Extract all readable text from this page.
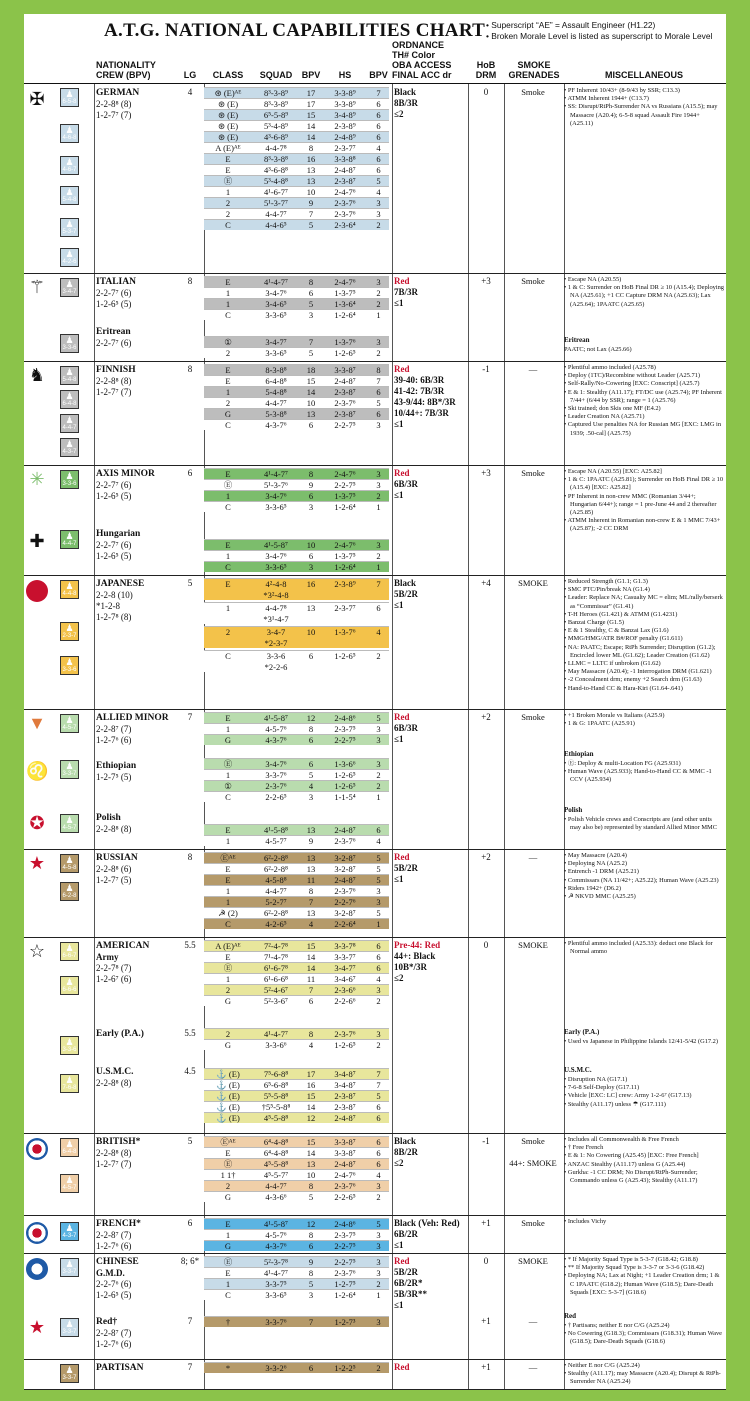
A.T.G. NATIONAL CAPABILITIES CHART • Superscript “AE” = Assault Engineer (H1.22)
• Broken Morale Level is listed as superscript to Morale Level
NATIONALITY
CREW (BPV)	LG	CLASS	SQUAD	BPV	HS	BPV
ORDNANCE
TH# Color
OBA ACCESS
FINAL ACC dr
HoB
DRM
SMOKE
GRENADES	MISCELLANEOUS
✠	♟
6-5-8
♟
4-6-8
♟
4-6-7
♟
5-4-8
♟
5-3-7
♟
4-2-6
GERMAN
2-2-8⁸ (8)
1-2-7⁷ (7)
4	0	Smoke
⊛ (E)ᴬᴱ	8³-3-8⁹	17	3-3-8⁹	7
⊛ (E)	8³-3-8⁹	17	3-3-8⁹	6
⊛ (E)	6⁵-5-8⁹	15	3-4-8⁹	6
⊛ (E)	5³-4-8⁹	14	2-3-8⁹	6
⊛ (E)	4³-6-8⁹	14	2-4-8⁹	6
A (E)ᴬᴱ	4-4-7⁸	8	2-3-7⁷	4
E	8³-3-8⁸	16	3-3-8⁸	6
E	4³-6-8⁸	13	2-4-8⁷	6
Ⓔ	5³-4-8⁸	13	2-3-8⁷	5
1	4¹-6-7⁷	10	2-4-7⁶	4
2	5¹-3-7⁷	9	2-3-7⁶	3
2	4-4-7⁷	7	2-3-7⁶	3
C	4-4-6⁵	5	2-3-6⁴	2
Black
8B/3R
≤2
• PF Inherent 10/43+ (8-9/43 by SSR; C13.3)
• ATMM Inherent 1944+ (C13.7)
• SS: Disrupt/RtPh-Surrender NA vs Russians (A15.5); may Massacre (A20.4); 6-5-8 squad Assault Fire 1944+ (A25.11)
⚚	♟
3-4-7
♟
3-3-6
ITALIAN
2-2-7⁷ (6)
1-2-6⁵ (5)
8	+3	Smoke
E	4¹-4-7⁷	8	2-4-7⁶	3
1	3-4-7⁶	6	1-3-7⁵	2
1	3-4-6⁵	5	1-3-6⁴	2
C	3-3-6⁵	3	1-2-6⁴	1
Red
7B/3R
≤1
• Escape NA (A20.55)
• 1 & C: Surrender on HoB Final DR ≥ 10 (A15.4); Deploying NA (A25.61); +1 CC Capture DRM NA (A25.63); Lax (A25.64); 1PAATC (A25.65)
Eritrean
2-2-7⁷ (6)	①	3-4-7⁷	7	1-3-7⁶	3
2	3-3-6⁵	5	1-2-6⁵	2
Eritrean
PAATC; not Lax (A25.66)
♞	♟
5-4-8
♟
6-4-8
♟
4-4-7
♟
4-3-7
FINNISH
2-2-8⁸ (8)
1-2-7⁷ (7)
8	-1	—
E	8-3-8⁸	18	3-3-8⁷	8
E	6-4-8⁸	15	2-4-8⁷	7
1	5-4-8⁸	14	2-3-8⁷	6
2	4-4-7⁷	10	2-3-7⁶	5
G	5-3-8⁸	13	2-3-8⁷	6
C	4-3-7⁶	6	2-2-7⁵	3
Red
39-40: 6B/3R
41-42: 7B/3R
43-9/44: 8B*/3R
10/44+: 7B/3R
≤1
• Plentiful ammo included (A25.78)
• Deploy (1TC)/Recombine without Leader (A25.71)
• Self-Rally/No-Cowering [EXC: Conscript] (A25.7)
• E & 1: Stealthy (A11.17); FT/DC use (A25.74); PF Inherent 7/44+ (6/44 by SSR); range = 1 (A25.76)
• Ski trained; don Skis one MF (E4.2)
• Leader Creation NA (A25.71)
• Captured Use penalties NA for Russian MG [EXC: LMG in 1939; .50-cal] (A25.75)
✳
✚
♟
3-3-6
♟
4-4-7
AXIS MINOR
2-2-7⁷ (6)
1-2-6⁵ (5)
6	+3	Smoke
E	4¹-4-7⁷	8	2-4-7⁶	3
Ⓔ	5¹-3-7⁶	9	2-2-7⁵	3
1	3-4-7⁶	6	1-3-7⁵	2
C	3-3-6⁵	3	1-2-6⁴	1
Red
6B/3R
≤1
• Escape NA (A20.55) [EXC: A25.82]
• 1 & C: 1PAATC (A25.81); Surrender on HoB Final DR ≥ 10 (A15.4) [EXC: A25.82]
• PF Inherent in non-crew MMC (Romanian 3/44+; Hungarian 6/44+); range = 1 pre-June 44 and 2 thereafter (A25.85)
• ATMM Inherent in Romanian non-crew E & 1 MMC 7/43+ (A25.87); -2 CC DRM
Hungarian
2-2-7⁷ (6)
1-2-6⁵ (5)
E	4¹-5-8⁷	10	2-4-7⁶	3
1	3-4-7⁶	6	1-3-7⁵	2
C	3-3-6⁵	3	1-2-6⁴	1
♟
4-4-8
♟
2-3-7
♟
3-3-6
JAPANESE
2-2-8 (10)
*1-2-8
1-2-7⁸ (8)
5	+4	SMOKE
E	4²-4-8
*3²-4-8
16	2-3-8⁹	7
1	4-4-7⁸
*3¹-4-7
13	2-3-7⁷	6
2	3-4-7
*2-3-7
10	1-3-7⁶	4
C	3-3-6
*2-2-6
6	1-2-6⁵	2
Black
5B/2R
≤1
• Reduced Strength (G1.1; G1.3)
• SMC PTC/Pin/break NA (G1.4)
• Leader: Replace NA; Casualty MC = elim; ML/rally/berserk as “Commissar” (G1.41)
• T-H Heroes (G1.421) & ATMM (G1.4231)
• Banzai Charge (G1.5)
• E & 1 Stealthy, C & Banzai Lax (G1.6)
• MMG/HMG/ATR B#/ROF penalty (G1.611)
• NA: PAATC; Escape; RtPh Surrender; Disruption (G1.2); Encircled lower ML (G1.62); Leader Creation (G1.62)
• LLMC = LLTC if unbroken (G1.62)
• May Massacre (A20.4); -1 Interrogation DRM (G1.621)
• -2 Concealment drm; enemy +2 Search drm (G1.63)
• Hand-to-Hand CC & Hara-Kiri (G1.64-.641)
▼
♌
✪
♟
4-5-7
♟
3-3-7
♟
4-5-7
ALLIED MINOR
2-2-8⁷ (7)
1-2-7⁶ (6)
7	+2	Smoke
E	4¹-5-8⁷	12	2-4-8⁶	5
1	4-5-7⁶	8	2-3-7⁵	3
G	4-3-7⁶	6	2-2-7⁵	3
Red
6B/3R
≤1
• +1 Broken Morale vs Italians (A25.9)
• 1 & G: 1PAATC (A25.91)
Ethiopian
1-2-7⁵ (5)
Ⓔ	3-4-7⁶	6	1-3-6⁶	3
1	3-3-7⁶	5	1-2-6⁵	2
①	2-3-7⁶	4	1-2-6⁵	2
C	2-2-6⁵	3	1-1-5⁴	1
Ethiopian
• Ⓔ: Deploy & multi-Location FG (A25.931)
• Human Wave (A25.933); Hand-to-Hand CC & MMC -1 CCV (A25.934)
Polish
2-2-8⁸ (8)	E	4¹-5-8⁸	13	2-4-8⁷	6
1	4-5-7⁷	9	2-3-7⁶	4
Polish
• Polish Vehicle crews and Conscripts are (and other units may also be) represented by standard Allied Minor MMC
★	♟
4-5-8
♟
6-2-8
RUSSIAN
2-2-8⁸ (6)
1-2-7⁷ (5)
8	+2	—
Ⓔᴬᴱ	6²-2-8⁸	13	3-2-8⁷	5
E	6²-2-8⁸	13	3-2-8⁷	5
E	4-5-8⁸	11	2-4-8⁷	5
1	4-4-7⁷	8	2-3-7⁶	3
1	5-2-7⁷	7	2-2-7⁶	3
☭ (2)	6²-2-8⁸	13	3-2-8⁷	5
C	4-2-6⁵	4	2-2-6⁴	1
Red
5B/2R
≤1
• May Massacre (A20.4)
• Deploying NA (A25.2)
• Entrench -1 DRM (A25.21)
• Commissars (NA 11/42+; A25.22); Human Wave (A25.23)
• Riders 1942+ (D6.2)
• ☭ NKVD MMC (A25.25)
☆	♟
6-6-7
♟
6-6-6
♟
3-3-6
♟
7-6-8
AMERICAN
Army
2-2-7⁸ (7)
1-2-6⁷ (6)
5.5	0	SMOKE
A (E)ᴬᴱ	7²-4-7⁸	15	3-3-7⁸	6
E	7¹-4-7⁸	14	3-3-7⁷	6
Ⓔ	6¹-6-7⁸	14	3-4-7⁷	6
1	6¹-6-6⁸	11	3-4-6⁷	4
2	5²-4-6⁷	7	2-3-6⁶	3
G	5²-3-6⁷	6	2-2-6⁶	2
Pre-44: Red
44+: Black
10B*/3R
≤2
• Plentiful ammo included (A25.33): deduct one Black for Normal ammo
Early (P.A.)	5.5	2	4¹-4-7⁷	8	2-3-7⁶	3
G	3-3-6⁶	4	1-2-6⁵	2
Early (P.A.)
• Used vs Japanese in Philippine Islands 12/41-5/42 (G17.2)
U.S.M.C.
2-2-8⁸ (8)
4.5	⚓ (E)	7⁵-6-8⁸	17	3-4-8⁷	7
⚓ (E)	6⁵-6-8⁸	16	3-4-8⁷	7
⚓ (E)	5⁵-5-8⁸	15	2-3-8⁷	5
⚓ (E)	†5⁵-5-8⁸	14	2-3-8⁷	6
⚓ (E)	4⁵-5-8⁸	12	2-4-8⁷	6
U.S.M.C.
• Disruption NA (G17.1)
• 7-6-8 Self-Deploy (G17.11)
• Vehicle [EXC: LC] crew: Army 1-2-6⁷ (G17.13)
• Stealthy (A11.17) unless ☂ (G17.111)
♟
6-4-8
♟
4-5-7
BRITISH*
2-2-8⁸ (8)
1-2-7⁷ (7)
5	-1	Smoke
44+: SMOKE
Ⓔᴬᴱ	6⁴-4-8⁸	15	3-3-8⁷	6
E	6⁴-4-8⁸	14	3-3-8⁷	6
Ⓔ	4⁵-5-8⁸	13	2-4-8⁷	6
1 1†	4⁵-5-7⁷	10	2-4-7⁶	4
2	4-4-7⁷	8	2-3-7⁶	3
G	4-3-6⁶	5	2-2-6⁵	2
Black
8B/2R
≤2
• Includes all Commonwealth & Free French
• † Free French
• E & 1: No Cowering (A25.45) [EXC: Free French]
• ANZAC Stealthy (A11.17) unless G (A25.44)
• Gurkha: -1 CC DRM; No Disrupt/RtPh-Surrender; Commando unless G (A25.43); Stealthy (A11.17)
♟
4-3-7
FRENCH*
2-2-8⁷ (7)
1-2-7⁶ (6)
6	+1	Smoke
E	4¹-5-8⁷	12	2-4-8⁶	5
1	4-5-7⁶	8	2-3-7⁵	3
G	4-3-7⁶	6	2-2-7⁵	3
Black (Veh: Red)
6B/2R
≤1
• Includes Vichy
★
♟
3-3-7
♟
3-3-7
CHINESE
G.M.D.
2-2-7⁶ (6)
1-2-6⁵ (5)
8; 6*	0	SMOKE
Ⓔ	5²-3-7⁸	9	2-2-7⁵	3
E	4¹-4-7⁷	8	2-3-7⁶	3
1	3-3-7⁵	5	1-2-7⁵	2
C	3-3-6⁵	3	1-2-6⁴	1
Red
5B/2R
6B/2R*
5B/3R**
≤1
• * If Majority Squad Type is 5-3-7 (G18.42; G18.8)
• ** If Majority Squad Type is 3-3-7 or 3-3-6 (G18.42)
• Deploying NA; Lax at Night; +1 Leader Creation drm; 1 & C 1PAATC (G18.2); Human Wave (G18.5); Dare-Death Squads [EXC: 5-3-7] (G18.6)
Red†
2-2-8⁷ (7)
1-2-7⁶ (6)
7	+1	—
†	3-3-7⁶	7	1-2-7³	3
Red
• † Partisans; neither E nor C/G (A25.24)
• No Cowering (G18.3); Commissars (G18.31); Human Wave (G18.5); Dare-Death Squads (G18.6)
♟
3-3-7
PARTISAN	7	+1	—
*	3-3-2⁶	6	1-2-2⁵	2	Red
•	Neither E nor C/G (A25.24)
• Stealthy (A11.17); may Massacre (A20.4); Disrupt & RtPh-Surrender NA (A25.24)
